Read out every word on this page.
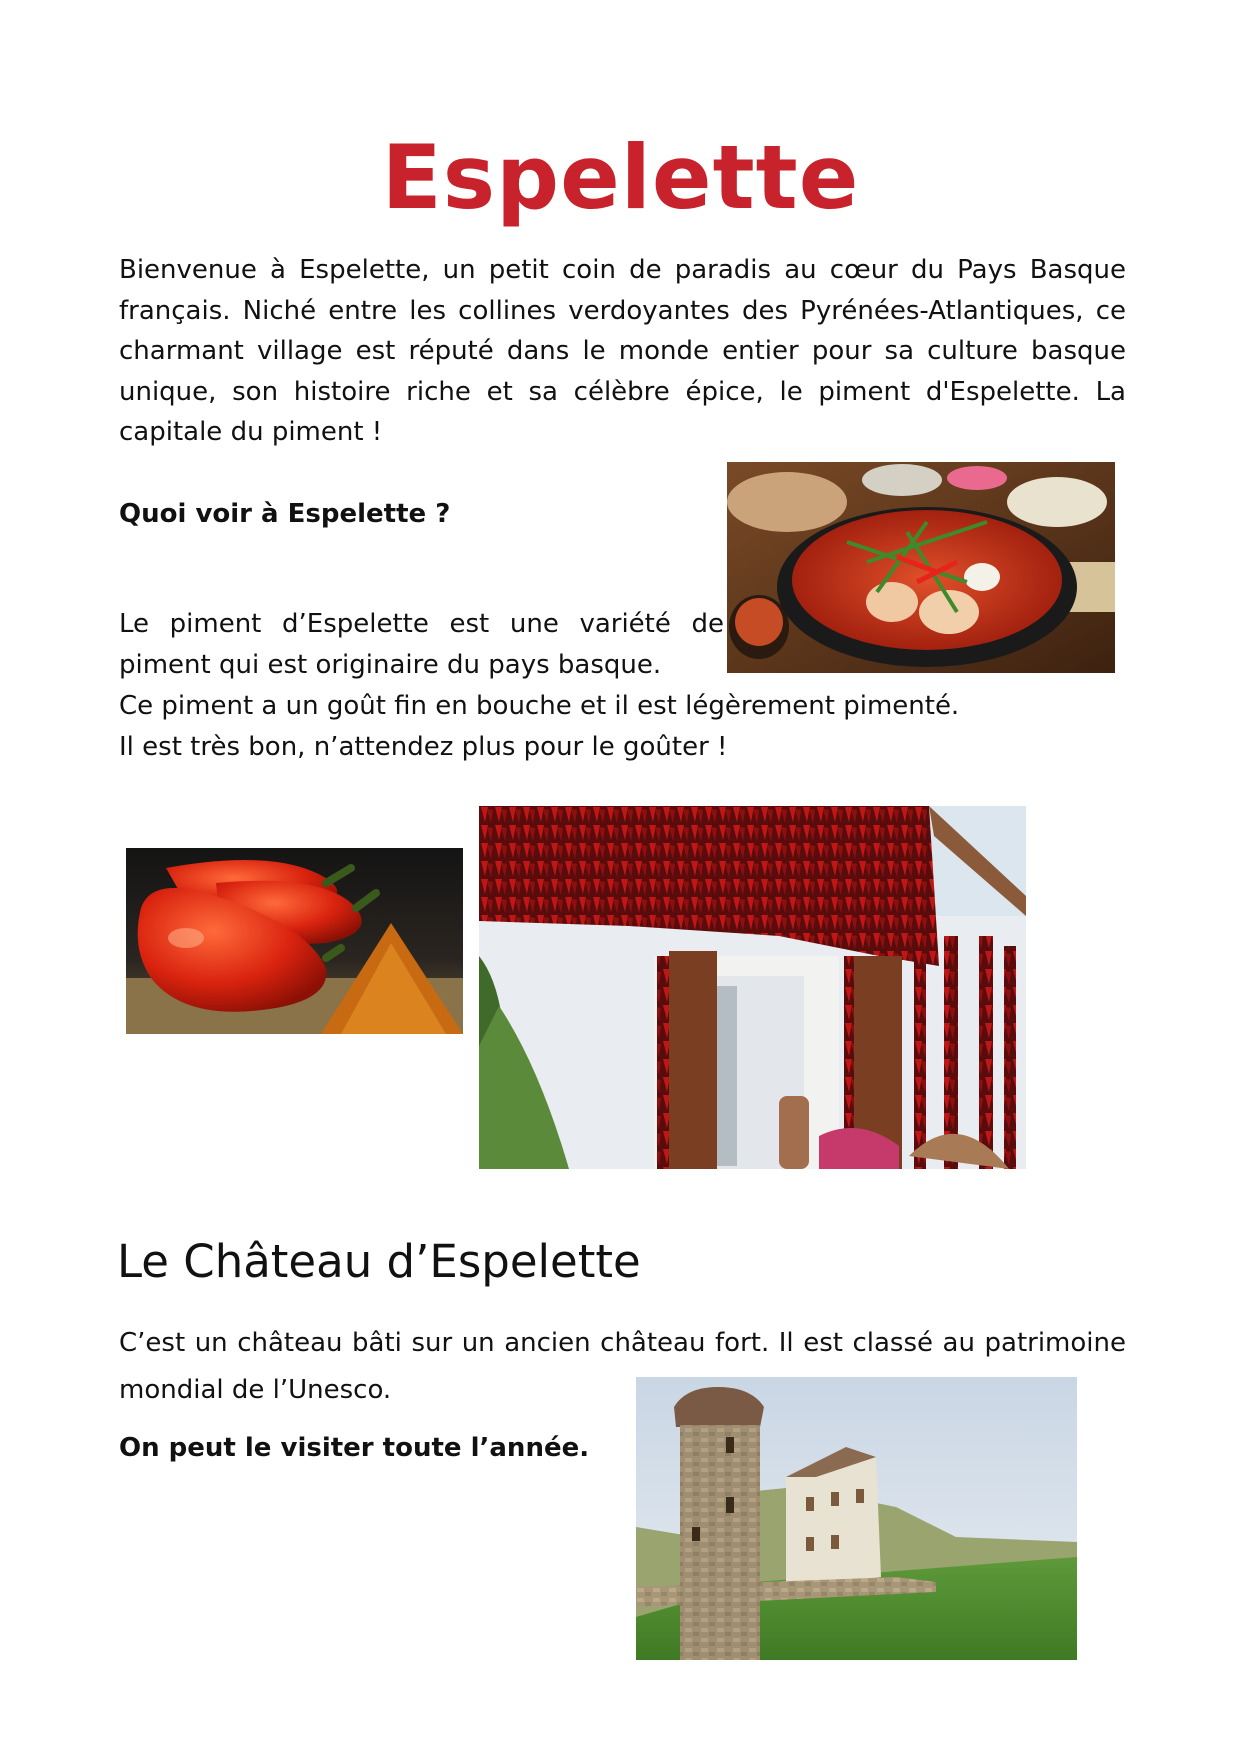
Espelette

Bienvenue à Espelette, un petit coin de paradis au cœur du Pays Basque français. Niché entre les collines verdoyantes des Pyrénées-Atlantiques, ce charmant village est réputé dans le monde entier pour sa culture basque unique, son histoire riche et sa célèbre épice, le piment d'Espelette. La capitale du piment !

Quoi voir à Espelette ?

Le piment d’Espelette est une variété de piment qui est originaire du pays basque.

Ce piment a un goût fin en bouche et il est légèrement pimenté.

Il est très bon, n’attendez plus pour le goûter !

Le Château d’Espelette

C’est un château bâti sur un ancien château fort. Il est classé au patrimoine mondial de l’Unesco.

On peut le visiter toute l’année.
